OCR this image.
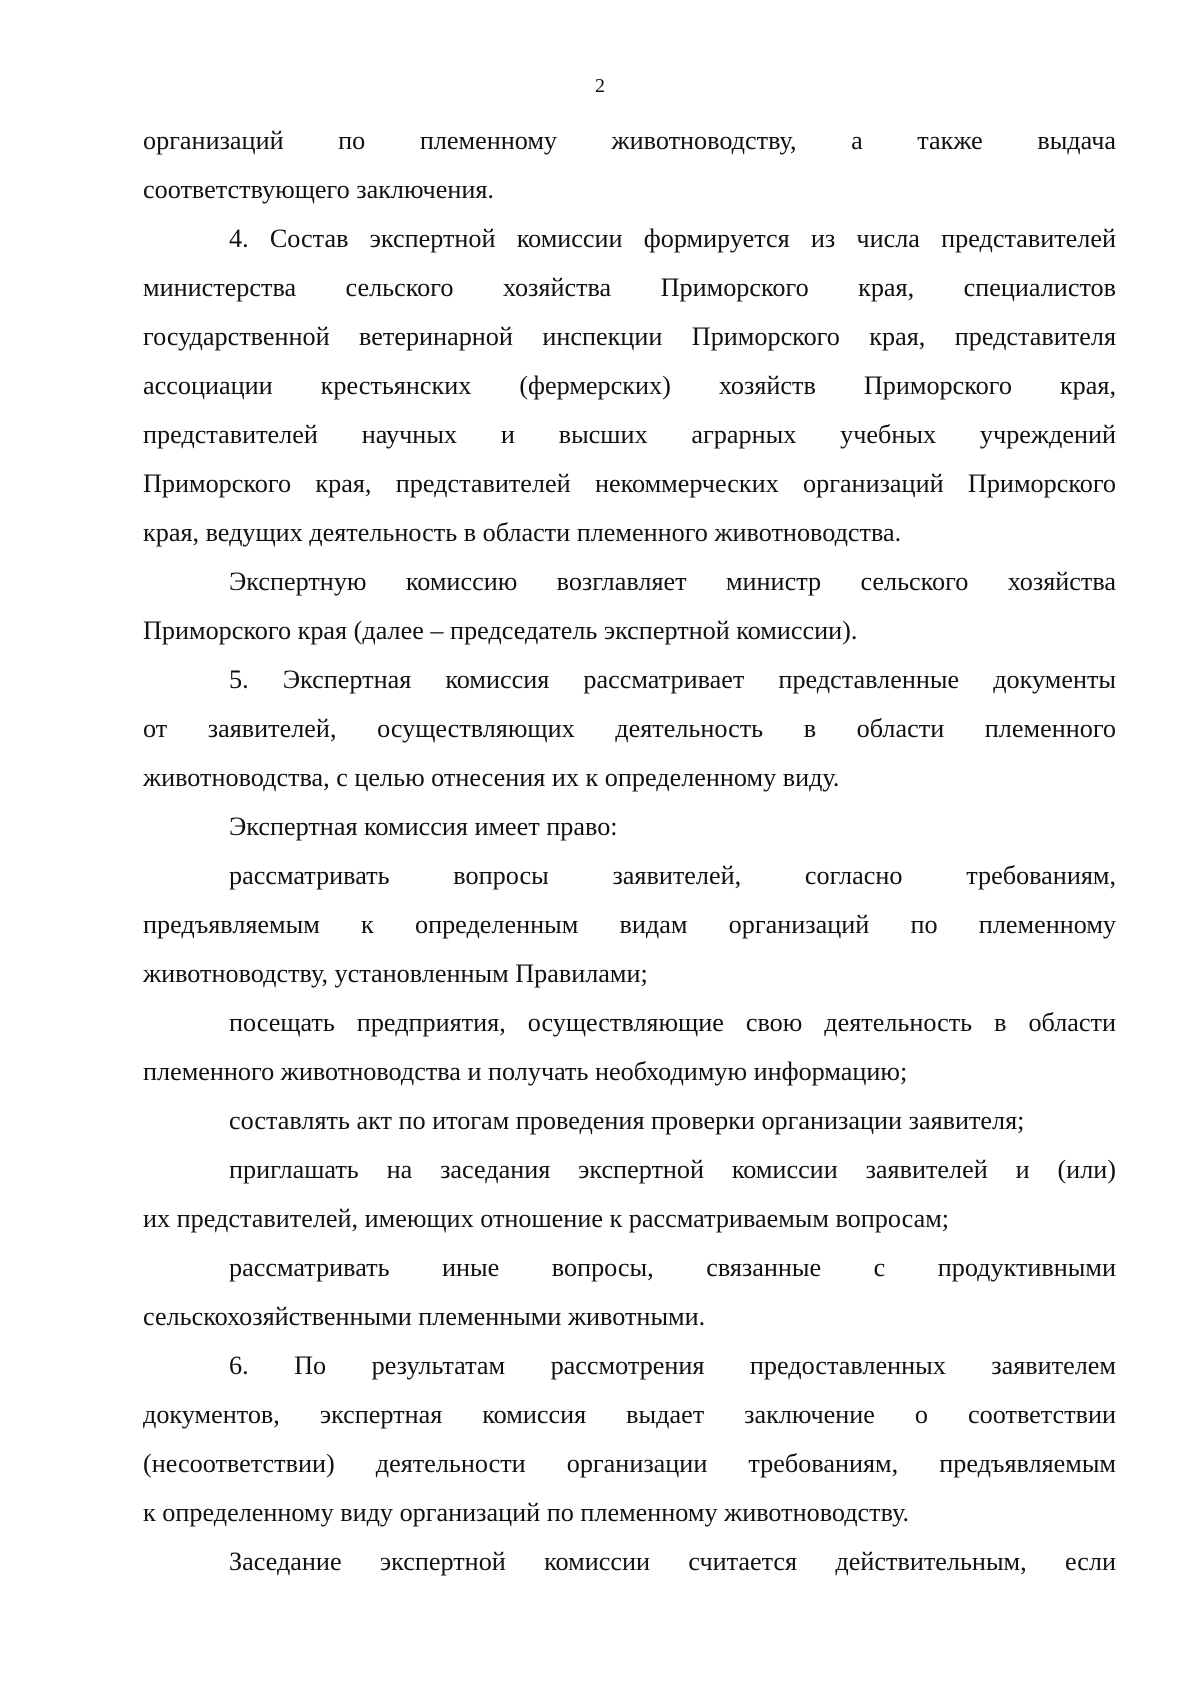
2

организаций по племенному животноводству, а также выдача
соответствующего заключения.

4. Состав экспертной комиссии формируется из числа представителей
министерства сельского хозяйства Приморского края, специалистов
государственной ветеринарной инспекции Приморского края, представителя
ассоциации крестьянских (фермерских) хозяйств Приморского края,
представителей научных и высших аграрных учебных учреждений
Приморского края, представителей некоммерческих организаций Приморского
края, ведущих деятельность в области племенного животноводства.

Экспертную комиссию возглавляет министр сельского хозяйства
Приморского края (далее – председатель экспертной комиссии).

5. Экспертная комиссия рассматривает представленные документы
от заявителей, осуществляющих деятельность в области племенного
животноводства, с целью отнесения их к определенному виду.

Экспертная комиссия имеет право:

рассматривать вопросы заявителей, согласно требованиям,
предъявляемым к определенным видам организаций по племенному
животноводству, установленным Правилами;

посещать предприятия, осуществляющие свою деятельность в области
племенного животноводства и получать необходимую информацию;

составлять акт по итогам проведения проверки организации заявителя;

приглашать на заседания экспертной комиссии заявителей и (или)
их представителей, имеющих отношение к рассматриваемым вопросам;

рассматривать иные вопросы, связанные с продуктивными
сельскохозяйственными племенными животными.

6. По результатам рассмотрения предоставленных заявителем
документов, экспертная комиссия выдает заключение о соответствии
(несоответствии) деятельности организации требованиям, предъявляемым
к определенному виду организаций по племенному животноводству.

Заседание экспертной комиссии считается действительным, если
